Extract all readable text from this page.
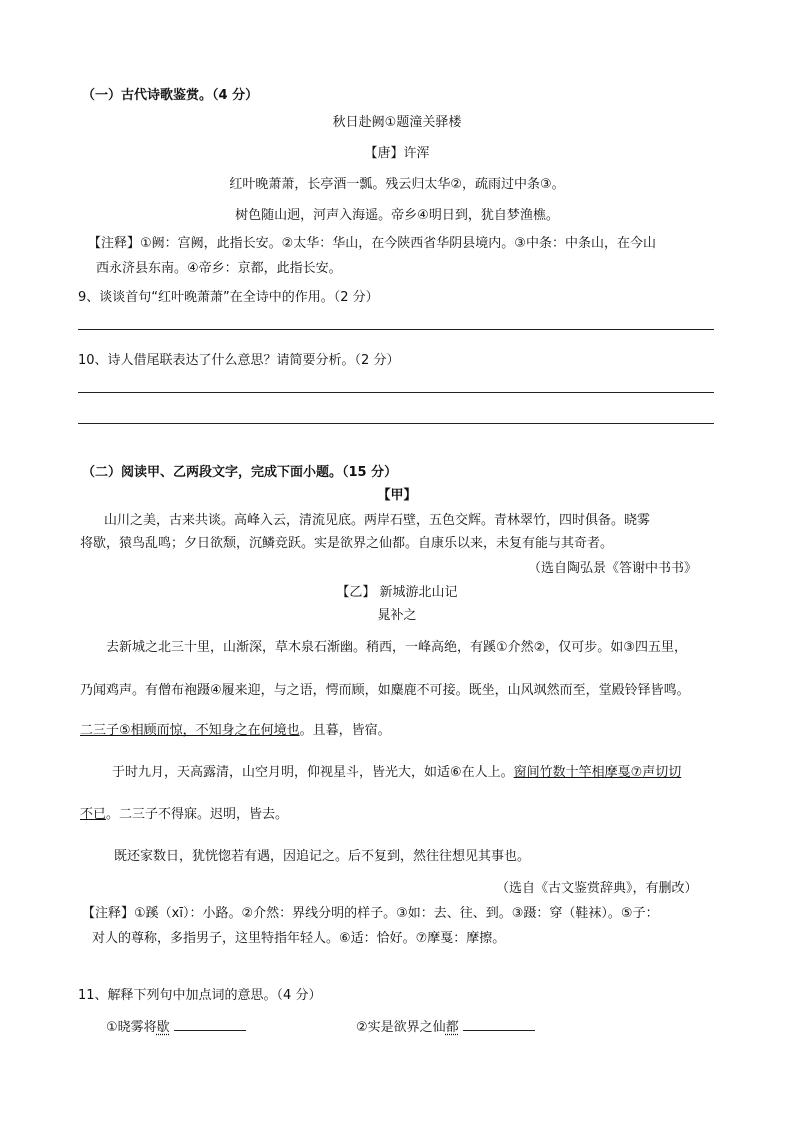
（一）古代诗歌鉴赏。（4 分）
秋日赴阙①题潼关驿楼
【唐】许浑
红叶晚萧萧，长亭酒一瓢。残云归太华②，疏雨过中条③。
树色随山迥，河声入海遥。帝乡④明日到，犹自梦渔樵。
【注释】①阙：宫阙，此指长安。②太华：华山，在今陕西省华阴县境内。③中条：中条山，在今山
西永济县东南。④帝乡：京都，此指长安。
9、谈谈首句“红叶晚萧萧”在全诗中的作用。（2 分）
10、诗人借尾联表达了什么意思？请简要分析。（2 分）
（二）阅读甲、乙两段文字，完成下面小题。（15 分）
【甲】
山川之美，古来共谈。高峰入云，清流见底。两岸石壁，五色交辉。青林翠竹，四时俱备。晓雾
将歇，猿鸟乱鸣；夕日欲颓，沉鳞竞跃。实是欲界之仙都。自康乐以来，未复有能与其奇者。
（选自陶弘景《答谢中书书》
【乙】 新城游北山记
晁补之
去新城之北三十里，山渐深，草木泉石渐幽。稍西，一峰高绝，有蹊①介然②，仅可步。如③四五里，
乃闻鸡声。有僧布袍蹑④履来迎，与之语，愕而顾，如麋鹿不可接。既坐，山风飒然而至，堂殿铃铎皆鸣。
二三子⑤相顾而惊，不知身之在何境也。且暮，皆宿。
于时九月，天高露清，山空月明，仰视星斗，皆光大，如适⑥在人上。窗间竹数十竿相摩戛⑦声切切
不已。二三子不得寐。迟明，皆去。
既还家数日，犹恍惚若有遇，因追记之。后不复到，然往往想见其事也。
（选自《古文鉴赏辞典》，有删改）
【注释】①蹊（xī）：小路。②介然：界线分明的样子。③如：去、往、到。③蹑：穿（鞋袜）。⑤子：
对人的尊称，多指男子，这里特指年轻人。⑥适：恰好。⑦摩戛：摩擦。
11、解释下列句中加点词的意思。（4 分）
①晓雾将歇	②实是欲界之仙都
